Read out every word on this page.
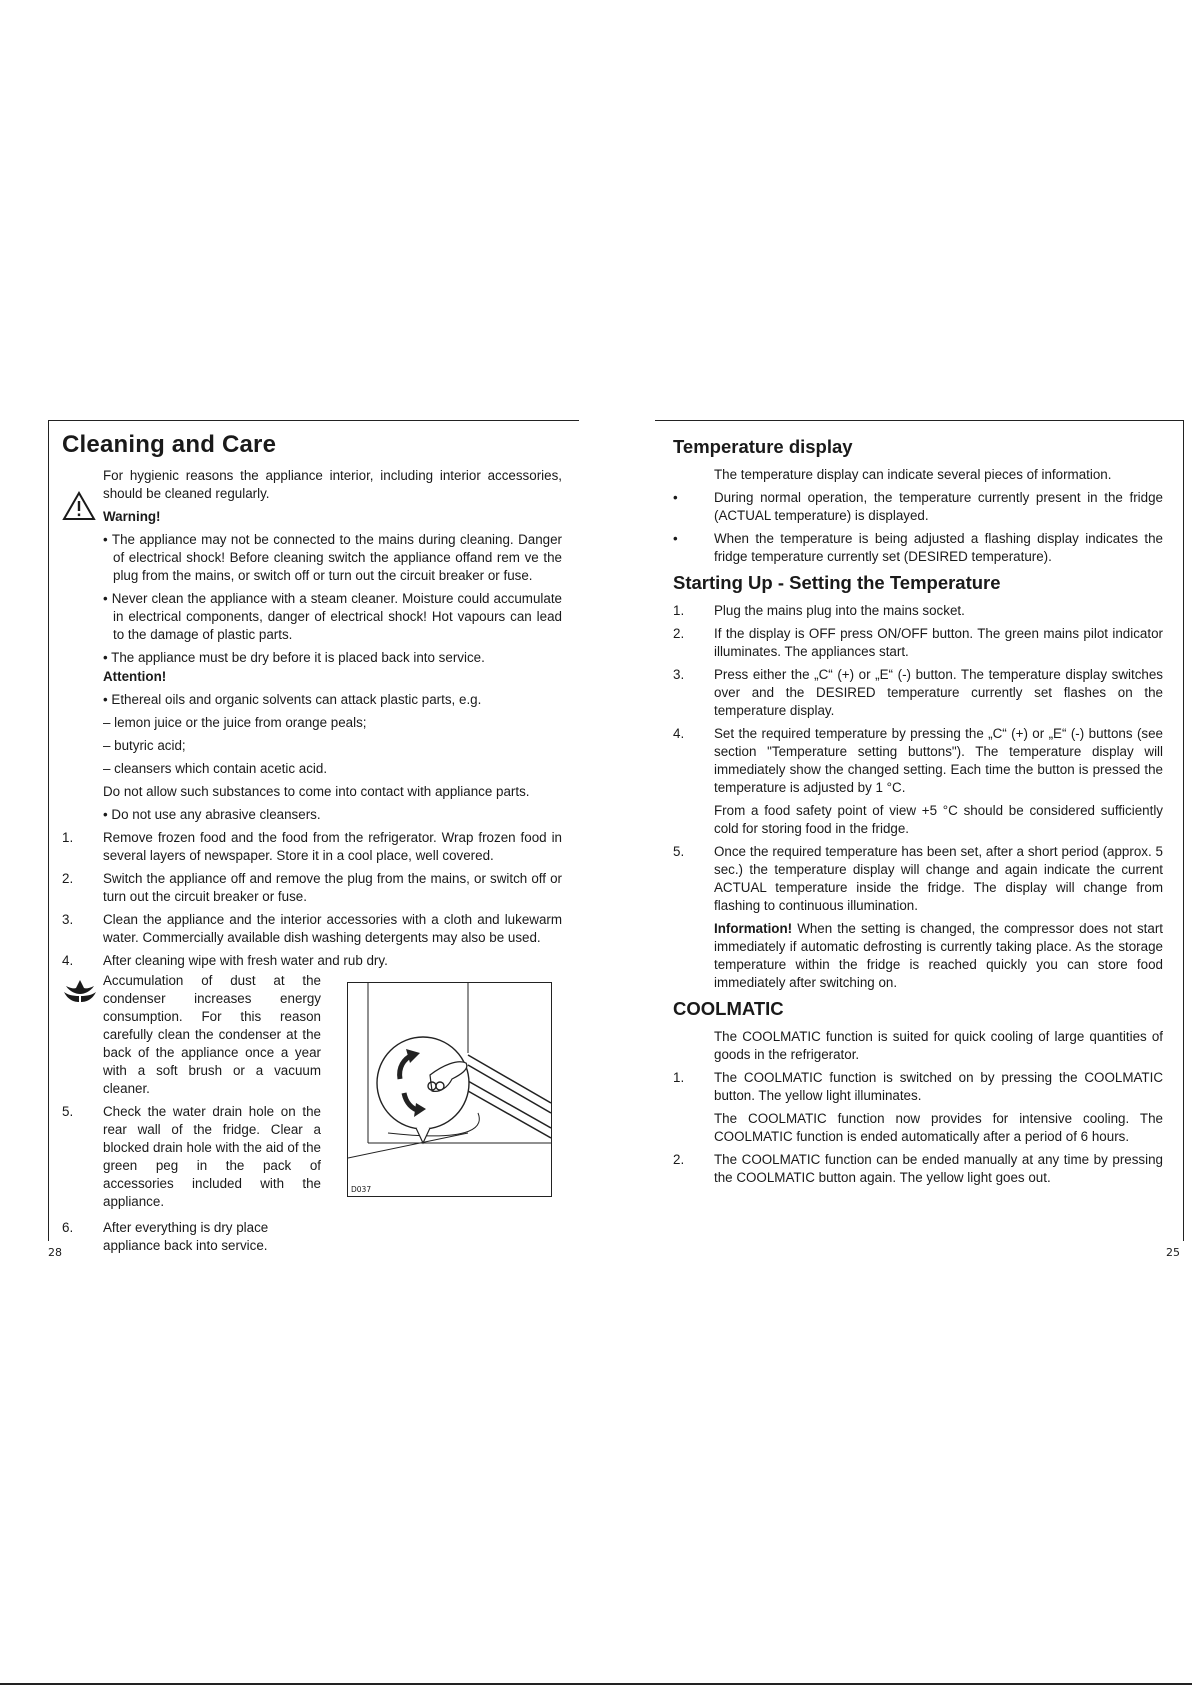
Cleaning and Care

For hygienic reasons the appliance interior, including interior accessories, should be cleaned regularly.

Warning!

• The appliance may not be connected to the mains during cleaning. Danger of electrical shock! Before cleaning switch the appliance offand rem ve the plug from the mains, or switch off or turn out the circuit breaker or fuse.

• Never clean the appliance with a steam cleaner. Moisture could accumulate in electrical components, danger of electrical shock! Hot vapours can lead to the damage of plastic parts.

• The appliance must be dry before it is placed back into service.

Attention!

• Ethereal oils and organic solvents can attack plastic parts, e.g.

– lemon juice or the juice from orange peals;

– butyric acid;

– cleansers which contain acetic acid.

Do not allow such substances to come into contact with appliance parts.

• Do not use any abrasive cleansers.

1.	Remove frozen food and the food from the refrigerator. Wrap frozen food in several layers of newspaper. Store it in a cool place, well covered.
2.	Switch the appliance off and remove the plug from the mains, or switch off or turn out the circuit breaker or fuse.
3.	Clean the appliance and the interior accessories with a cloth and lukewarm water. Commercially available dish washing detergents may also be used.
4.	After cleaning wipe with fresh water and rub dry.

Accumulation of dust at the condenser increases energy consumption. For this reason carefully clean the condenser at the back of the appliance once a year with a soft brush or a vacuum cleaner.

5.	Check the water drain hole on the rear wall of the fridge. Clear a blocked drain hole with the aid of the green peg in the pack of accessories included with the appliance.
6.	After everything is dry place appliance back into service.
D037
28
Temperature display

The temperature display can indicate several pieces of information.

•	During normal operation, the temperature currently present in the fridge (ACTUAL temperature) is displayed.
•	When the temperature is being adjusted a flashing display indicates the fridge temperature currently set (DESIRED temperature).
Starting Up - Setting the Temperature
1.	Plug the mains plug into the mains socket.
2.	If the display is OFF press ON/OFF button. The green mains pilot indicator illuminates. The appliances start.
3.	Press either the „C“ (+) or „E“ (-) button. The temperature display switches over and the DESIRED temperature currently set flashes on the temperature display.
4.	Set the required temperature by pressing the „C“ (+) or „E“ (-) buttons (see section "Temperature setting buttons"). The temperature display will immediately show the changed setting. Each time the button is pressed the temperature is adjusted by 1 °C.

From a food safety point of view +5 °C should be considered sufficiently cold for storing food in the fridge.

5.	Once the required temperature has been set, after a short period (approx. 5 sec.) the temperature display will change and again indicate the current ACTUAL temperature inside the fridge. The display will change from flashing to continuous illumination.

Information! When the setting is changed, the compressor does not start immediately if automatic defrosting is currently taking place. As the storage temperature within the fridge is reached quickly you can store food immediately after switching on.

COOLMATIC

The COOLMATIC function is suited for quick cooling of large quantities of goods in the refrigerator.

1.	The COOLMATIC function is switched on by pressing the COOLMATIC button. The yellow light illuminates.

The COOLMATIC function now provides for intensive cooling. The COOLMATIC function is ended automatically after a period of 6 hours.

2.	The COOLMATIC function can be ended manually at any time by pressing the COOLMATIC button again. The yellow light goes out.
25
